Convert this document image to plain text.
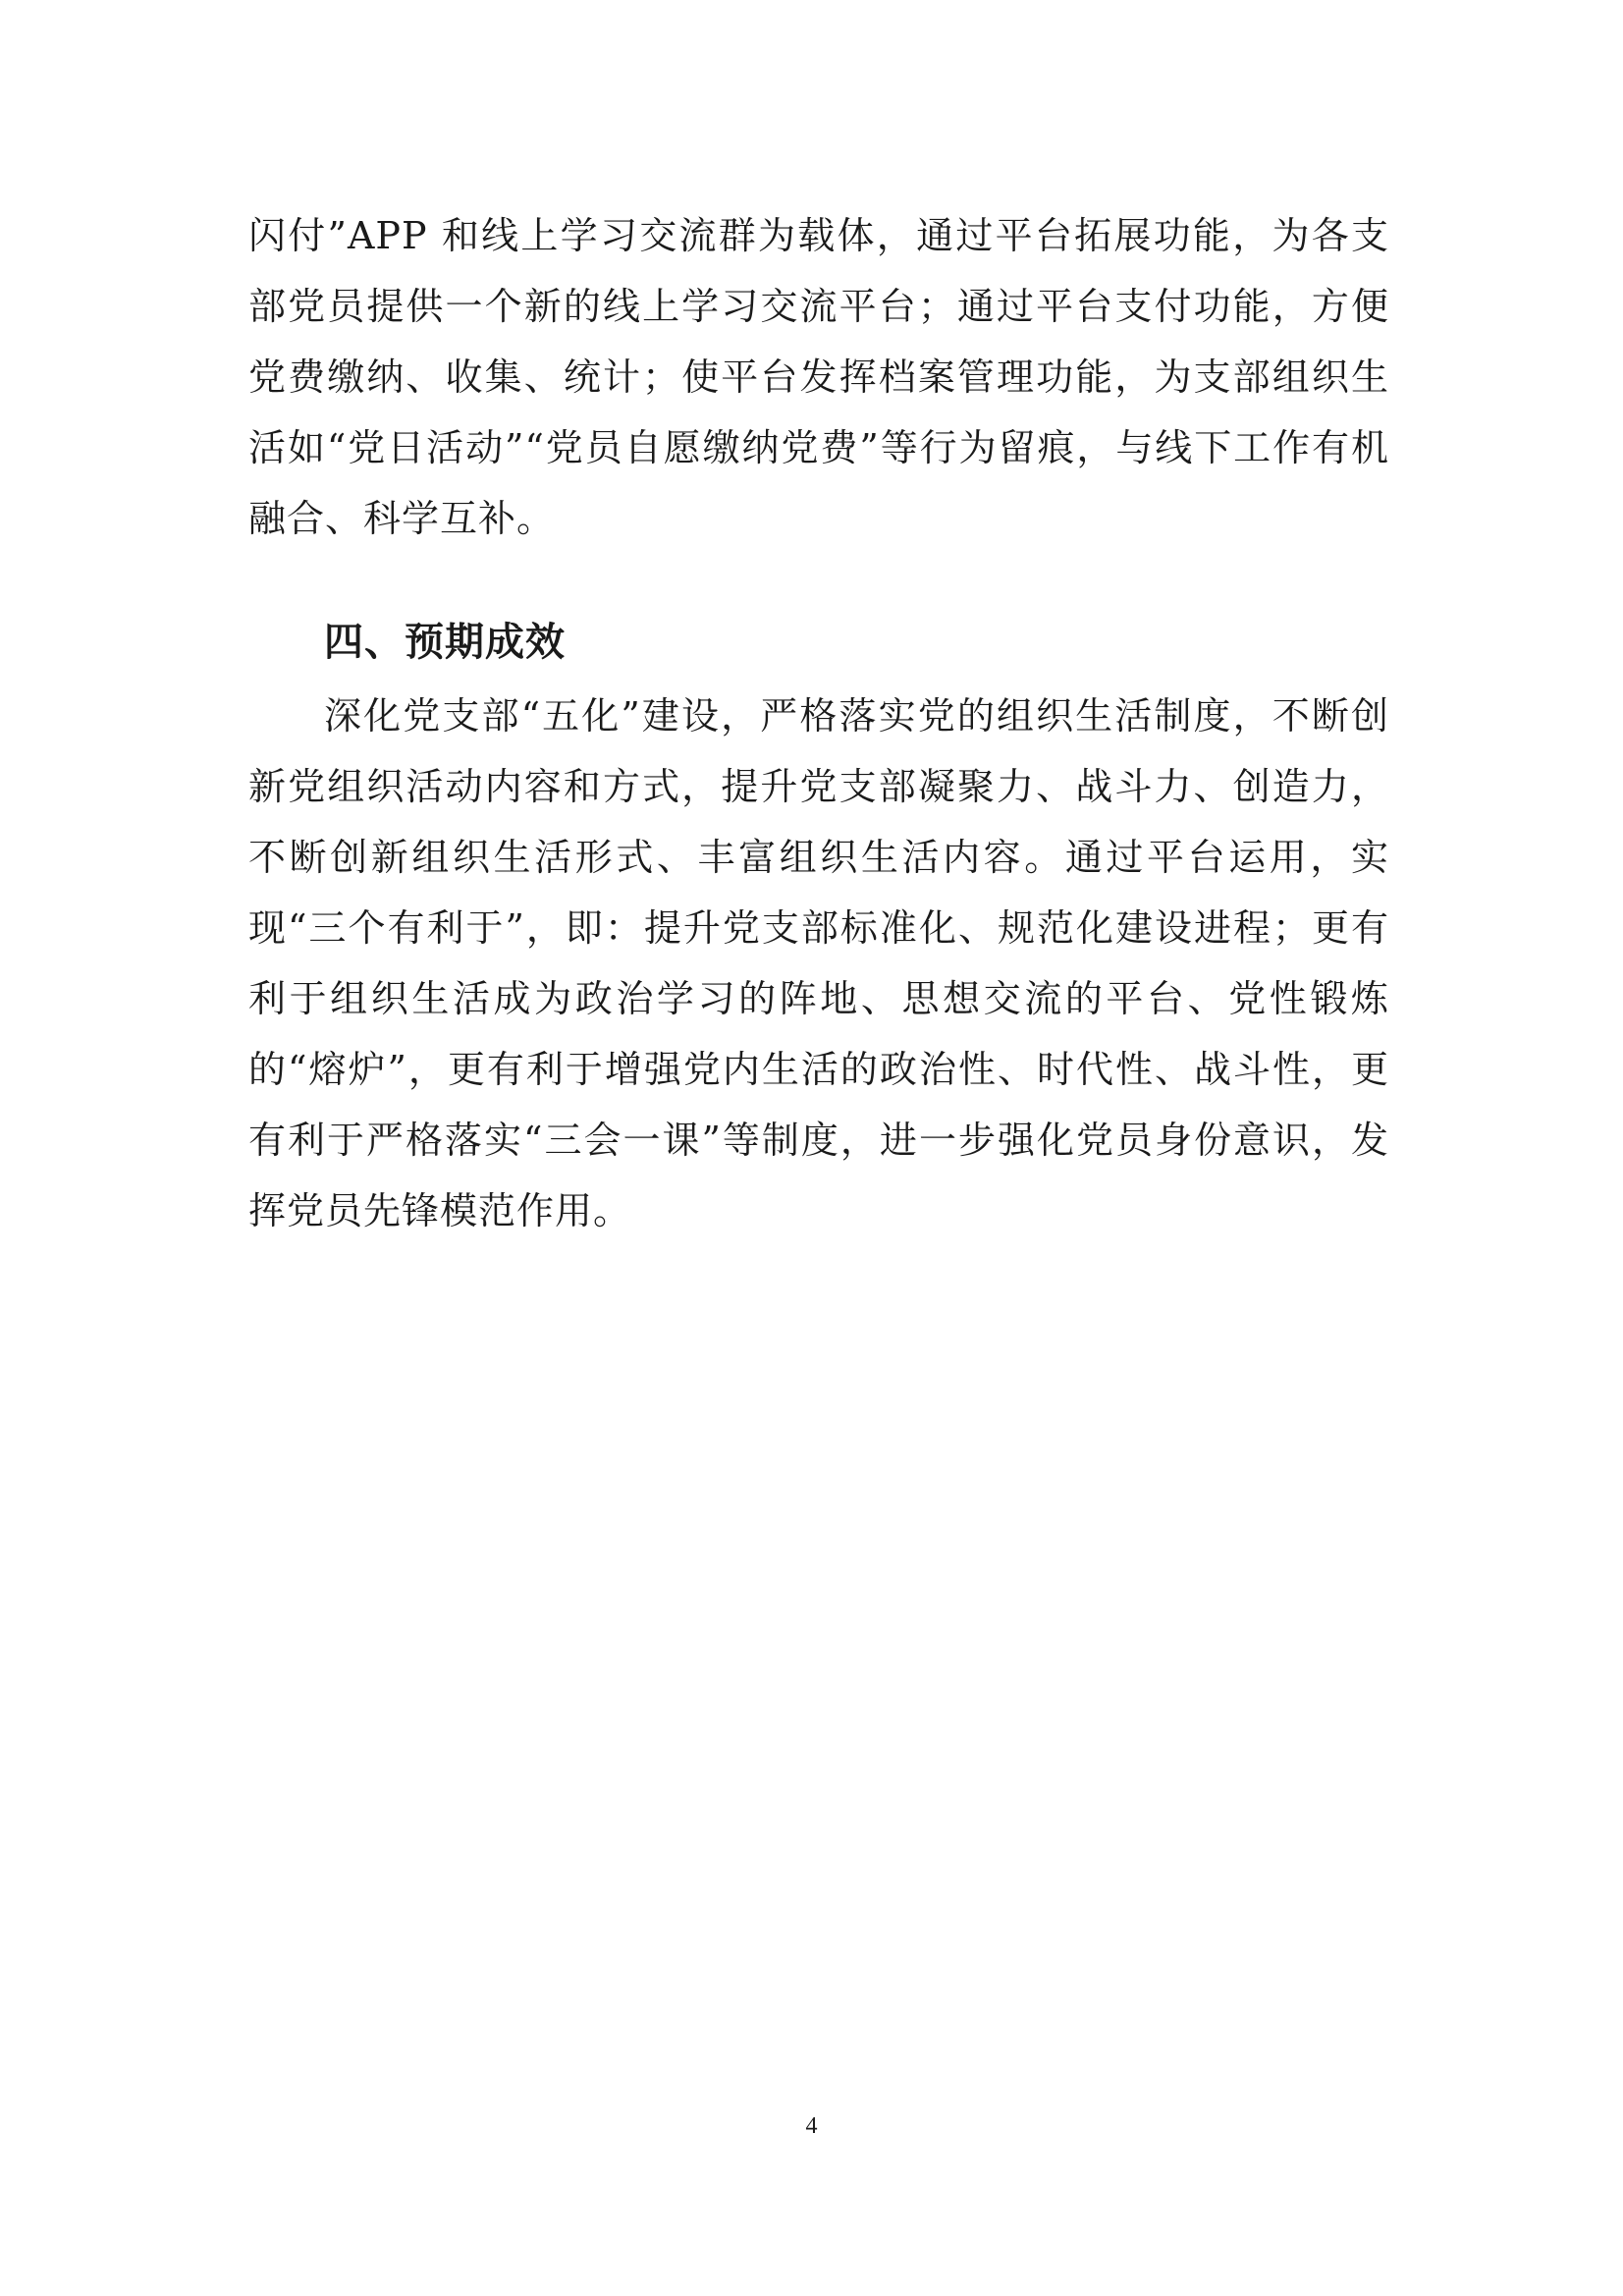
闪付”APP 和线上学习交流群为载体，通过平台拓展功能，为各支部党员提供一个新的线上学习交流平台；通过平台支付功能，方便党费缴纳、收集、统计；使平台发挥档案管理功能，为支部组织生活如“党日活动”“党员自愿缴纳党费”等行为留痕，与线下工作有机融合、科学互补。

四、预期成效

深化党支部“五化”建设，严格落实党的组织生活制度，不断创新党组织活动内容和方式，提升党支部凝聚力、战斗力、创造力，不断创新组织生活形式、丰富组织生活内容。通过平台运用，实现“三个有利于”，即：提升党支部标准化、规范化建设进程；更有利于组织生活成为政治学习的阵地、思想交流的平台、党性锻炼的“熔炉”，更有利于增强党内生活的政治性、时代性、战斗性，更有利于严格落实“三会一课”等制度，进一步强化党员身份意识，发挥党员先锋模范作用。

4
